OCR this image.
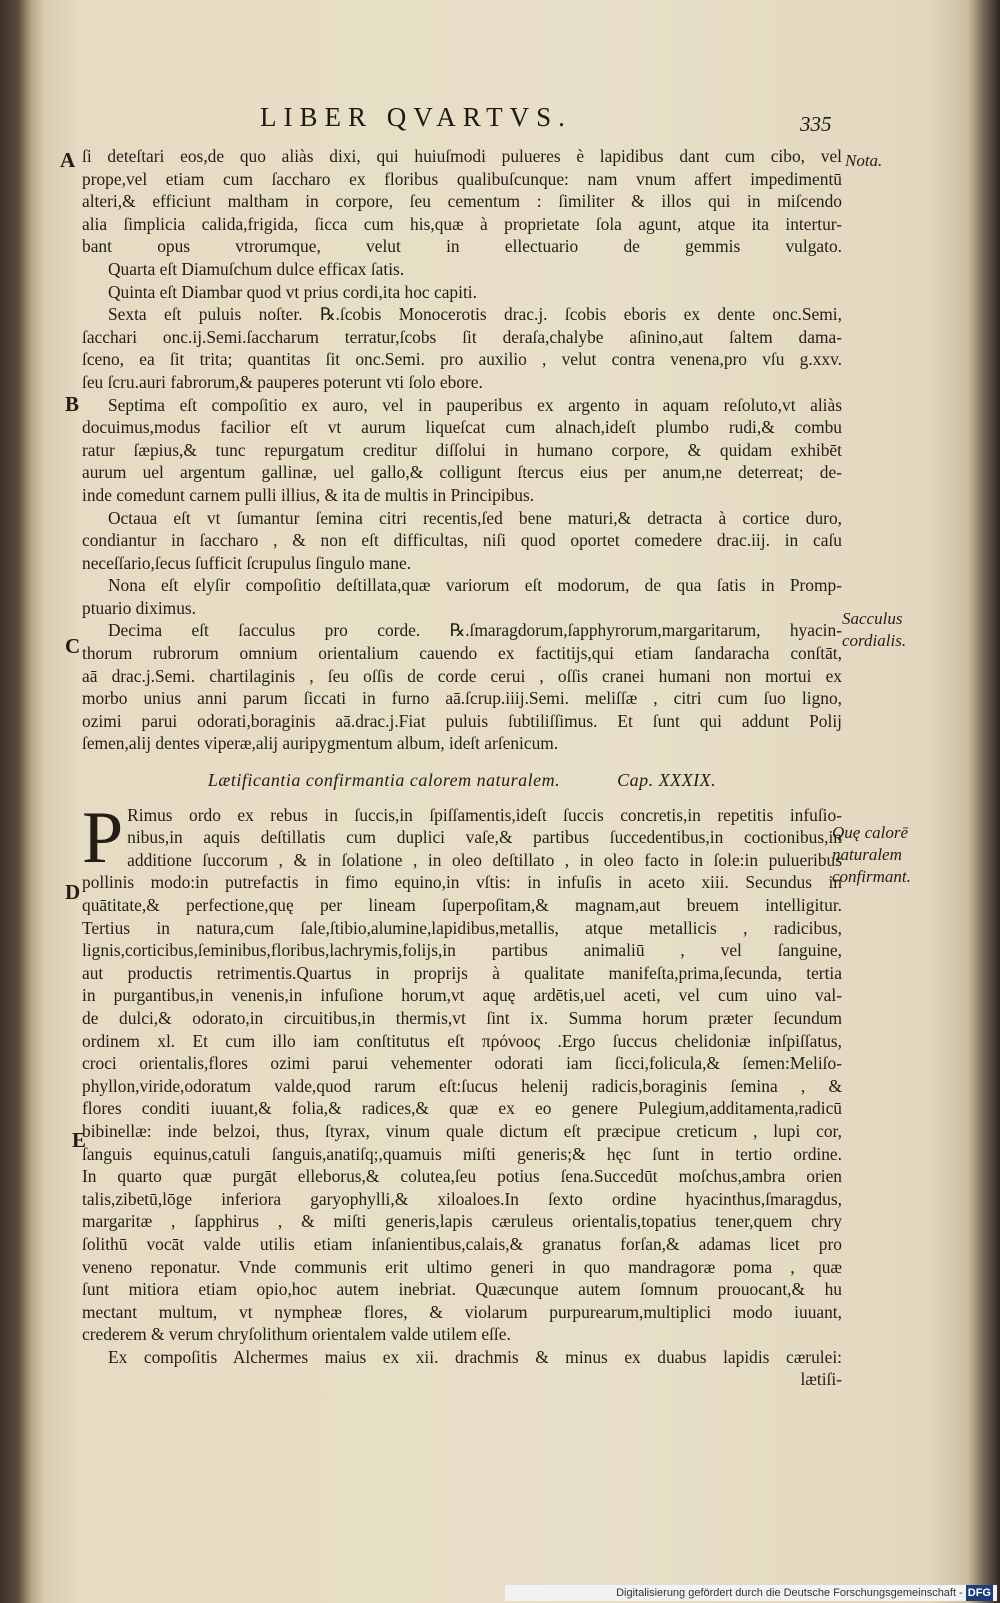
LIBER QVARTVS.	335
A
B
C
D
E
Nota.
Sacculus
cordialis.
Quę calorē
naturalem
confirmant.
ſi deteſtari eos,de quo aliàs dixi, qui huiuſmodi pulueres è lapidibus dant cum cibo, vel
prope,vel etiam cum ſaccharo ex floribus qualibuſcunque: nam vnum affert impedimentū
alteri,& efficiunt maltham in corpore, ſeu cementum : ſimiliter & illos qui in miſcendo
alia ſimplicia calida,frigida, ſicca cum his,quæ à proprietate ſola agunt, atque ita intertur-
bant opus vtrorumque, velut in ellectuario de gemmis vulgato.
Quarta eſt Diamuſchum dulce efficax ſatis.
Quinta eſt Diambar quod vt prius cordi,ita hoc capiti.
Sexta eſt puluis noſter. ℞.ſcobis Monocerotis drac.j. ſcobis eboris ex dente onc.Semi,
ſacchari onc.ij.Semi.ſaccharum terratur,ſcobs ſit deraſa,chalybe aſinino,aut ſaltem dama-
ſceno, ea ſit trita; quantitas ſit onc.Semi. pro auxilio , velut contra venena,pro vſu g.xxv.
ſeu ſcru.auri fabrorum,& pauperes poterunt vti ſolo ebore.
Septima eſt compoſitio ex auro, vel in pauperibus ex argento in aquam reſoluto,vt aliàs
docuimus,modus facilior eſt vt aurum liqueſcat cum alnach,ideſt plumbo rudi,& combu
ratur ſæpius,& tunc repurgatum creditur diſſolui in humano corpore, & quidam exhibēt
aurum uel argentum gallinæ, uel gallo,& colligunt ſtercus eius per anum,ne deterreat; de-
inde comedunt carnem pulli illius, & ita de multis in Principibus.
Octaua eſt vt ſumantur ſemina citri recentis,ſed bene maturi,& detracta à cortice duro,
condiantur in ſaccharo , & non eſt difficultas, niſi quod oportet comedere drac.iij. in caſu
neceſſario,ſecus ſufficit ſcrupulus ſingulo mane.
Nona eſt elyſir compoſitio deſtillata,quæ variorum eſt modorum, de qua ſatis in Promp-
ptuario diximus.
Decima eſt ſacculus pro corde. ℞.ſmaragdorum,ſapphyrorum,margaritarum, hyacin-
thorum rubrorum omnium orientalium cauendo ex factitijs,qui etiam ſandaracha conſtāt,
aā drac.j.Semi. chartilaginis , ſeu oſſis de corde cerui , oſſis cranei humani non mortui ex
morbo unius anni parum ſiccati in furno aā.ſcrup.iiij.Semi. meliſſæ , citri cum ſuo ligno,
ozimi parui odorati,boraginis aā.drac.j.Fiat puluis ſubtiliſſimus. Et ſunt qui addunt Polij
ſemen,alij dentes viperæ,alij auripygmentum album, ideſt arſenicum.
Lætificantia confirmantia calorem naturalem.	Cap. XXXIX.
P Rimus ordo ex rebus in ſuccis,in ſpiſſamentis,ideſt ſuccis concretis,in repetitis infuſio-
nibus,in aquis deſtillatis cum duplici vaſe,& partibus ſuccedentibus,in coctionibus,in
additione ſuccorum , & in ſolatione , in oleo deſtillato , in oleo facto in ſole:in pulueribus
pollinis modo:in putrefactis in fimo equino,in vſtis: in infuſis in aceto xiii. Secundus in
quātitate,& perfectione,quę per lineam ſuperpoſitam,& magnam,aut breuem intelligitur.
Tertius in natura,cum ſale,ſtibio,alumine,lapidibus,metallis, atque metallicis , radicibus,
lignis,corticibus,ſeminibus,floribus,lachrymis,folijs,in partibus animaliū , vel ſanguine,
aut productis retrimentis.Quartus in proprijs à qualitate manifeſta,prima,ſecunda, tertia
in purgantibus,in venenis,in infuſione horum,vt aquę ardētis,uel aceti, vel cum uino val-
de dulci,& odorato,in circuitibus,in thermis,vt ſint ix. Summa horum præter ſecundum
ordinem xl. Et cum illo iam conſtitutus eſt πρόνοος .Ergo ſuccus chelidoniæ inſpiſſatus,
croci orientalis,flores ozimi parui vehementer odorati iam ſicci,folicula,& ſemen:Meliſo-
phyllon,viride,odoratum valde,quod rarum eſt:ſucus helenij radicis,boraginis ſemina , &
flores conditi iuuant,& folia,& radices,& quæ ex eo genere Pulegium,additamenta,radicū
bibinellæ: inde belzoi, thus, ſtyrax, vinum quale dictum eſt præcipue creticum , lupi cor,
ſanguis equinus,catuli ſanguis,anatiſq;,quamuis miſti generis;& hęc ſunt in tertio ordine.
In quarto quæ purgāt elleborus,& colutea,ſeu potius ſena.Succedūt moſchus,ambra orien
talis,zibetū,lōge inferiora garyophylli,& xiloaloes.In ſexto ordine hyacinthus,ſmaragdus,
margaritæ , ſapphirus , & miſti generis,lapis cæruleus orientalis,topatius tener,quem chry
ſolithū vocāt valde utilis etiam inſanientibus,calais,& granatus forſan,& adamas licet pro
veneno reponatur. Vnde communis erit ultimo generi in quo mandragoræ poma , quæ
ſunt mitiora etiam opio,hoc autem inebriat. Quæcunque autem ſomnum prouocant,& hu
mectant multum, vt nympheæ flores, & violarum purpurearum,multiplici modo iuuant,
crederem & verum chryſolithum orientalem valde utilem eſſe.
Ex compoſitis Alchermes maius ex xii. drachmis & minus ex duabus lapidis cærulei:
lætiſi-
Digitalisierung gefördert durch die Deutsche Forschungsgemeinschaft - DFG
